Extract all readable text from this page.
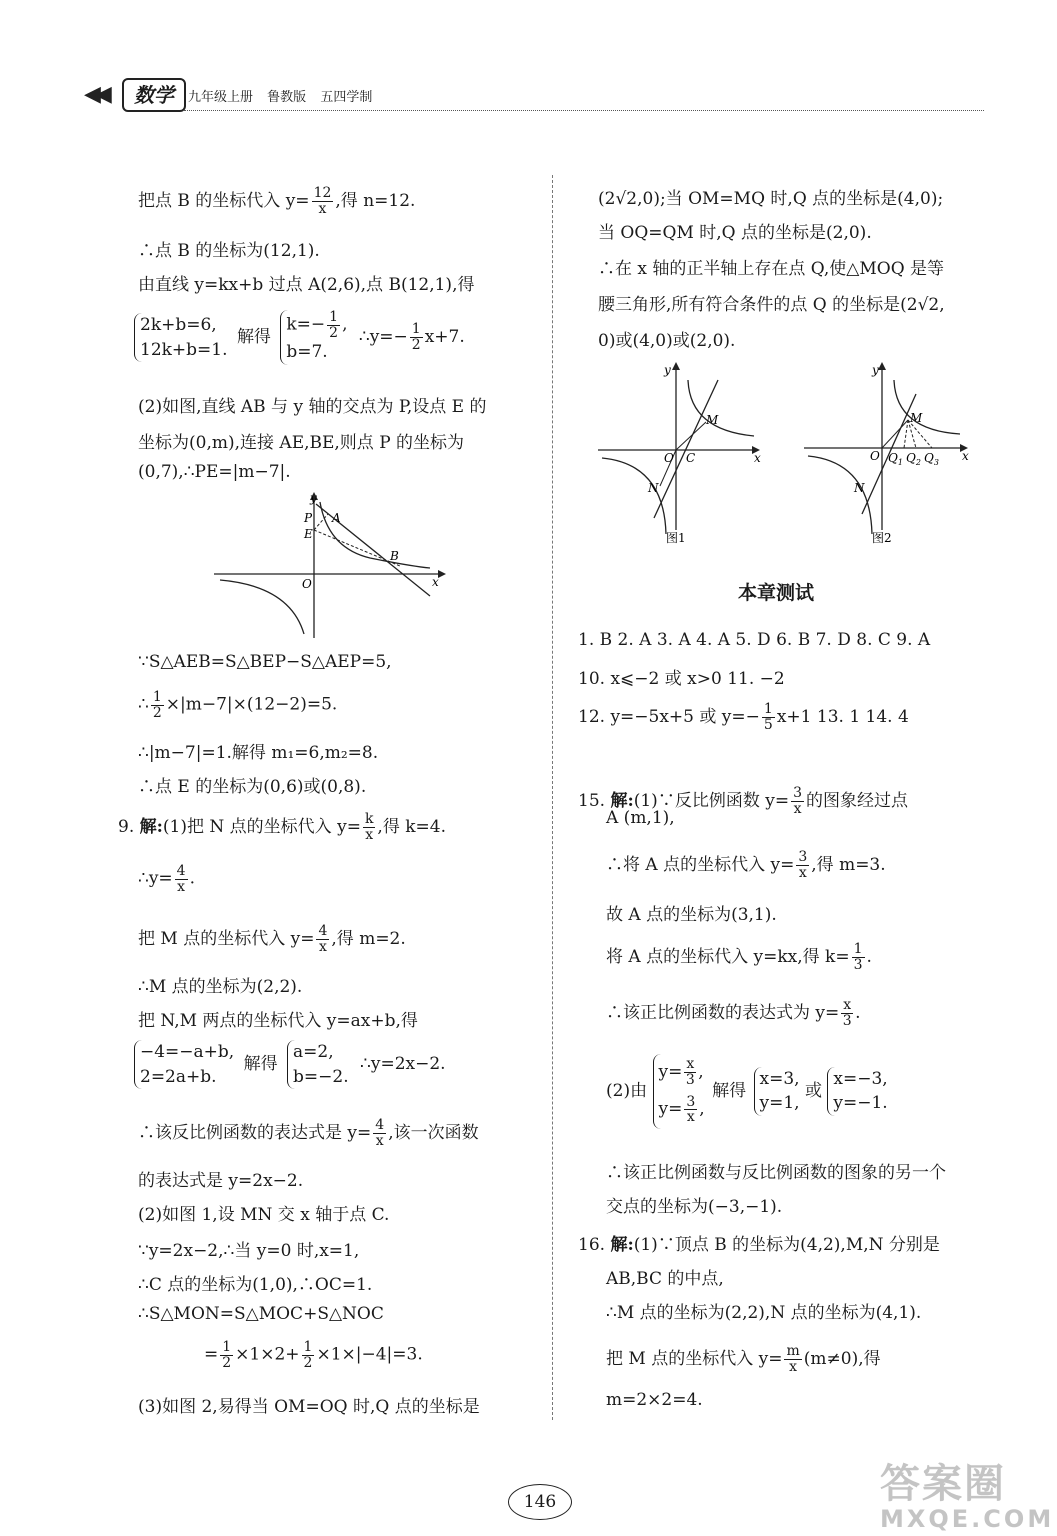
◀◀	数学	九年级上册 鲁教版 五四学制
把点 B 的坐标代入 $y= \frac{12}{x}$ ,得 n=12.
∴点 B 的坐标为(12,1).
由直线 y=kx+b 过点 A(2,6),点 B(12,1),得
2k+b=6,
12k+b=1. 解得 $k=- \frac{1}{2}$ ,
b=7. ∴y=− $\frac{1}{2} x+7$.
(2)如图,直线 AB 与 y 轴的交点为 P,设点 E 的
坐标为(0,m),连接 AE,BE,则点 P 的坐标为
(0,7),∴PE=|m−7|.
y
x
O
P A
E
B
∵S△AEB=S△BEP−S△AEP=5,
∴ $\frac{1}{2} \times|m-7|\times(12-2)=5$.
∴|m−7|=1.解得 m₁=6,m₂=8.
∴点 E 的坐标为(0,6)或(0,8).
9. 解:(1)把 N 点的坐标代入 $y= \frac{k}{x}$ ,得 k=4.
∴y= $\frac{4}{x}$ .
把 M 点的坐标代入 $y= \frac{4}{x}$ ,得 m=2.
∴M 点的坐标为(2,2).
把 N,M 两点的坐标代入 y=ax+b,得
−4=−a+b,
2=2a+b. 解得 a=2,
b=−2. ∴y=2x−2.
∴该反比例函数的表达式是 $y= \frac{4}{x}$ ,该一次函数
的表达式是 y=2x−2.
(2)如图 1,设 MN 交 x 轴于点 C.
∵y=2x−2,∴当 y=0 时,x=1,
∴C 点的坐标为(1,0),∴OC=1.
∴S△MON=S△MOC+S△NOC
= $\frac{1}{2} \times 1\times 2+ \frac{1}{2} \times 1\times|-4|=3$.
(3)如图 2,易得当 OM=OQ 时,Q 点的坐标是
(2√2,0);当 OM=MQ 时,Q 点的坐标是(4,0);
当 OQ=QM 时,Q 点的坐标是(2,0).
∴在 x 轴的正半轴上存在点 Q,使△MOQ 是等
腰三角形,所有符合条件的点 Q 的坐标是(2√2,
0)或(4,0)或(2,0).
y
x
O
M
C
N
图1
y
x
O
M
$Q_1$ $Q_2$ $Q_3$
N
图2
本章测试
1. B 2. A 3. A 4. A 5. D 6. B 7. D 8. C 9. A
10. x⩽−2 或 x>0 11. −2
12. y=−5x+5 或 $y=- \frac{1}{5} x+1$ 13. 1 14. 4
15. 解:(1)∵反比例函数 $y= \frac{3}{x}$ 的图象经过点
A (m,1),
∴将 A 点的坐标代入 $y= \frac{3}{x}$ ,得 m=3.
故 A 点的坐标为(3,1).
将 A 点的坐标代入 y=kx,得 $k= \frac{1}{3}$ .
∴该正比例函数的表达式为 $y= \frac{x}{3}$ .
(2)由 $y= \frac{x}{3}$ ,
$y= \frac{3}{x}$ , 解得 x=3,
y=1, 或 x=−3,
y=−1.
∴该正比例函数与反比例函数的图象的另一个
交点的坐标为(−3,−1).
16. 解:(1)∵顶点 B 的坐标为(4,2),M,N 分别是
AB,BC 的中点,
∴M 点的坐标为(2,2),N 点的坐标为(4,1).
把 M 点的坐标代入 $y= \frac{m}{x} (m\ne 0)$,得
m=2×2=4.
146	答案圈
MXQE.COM
